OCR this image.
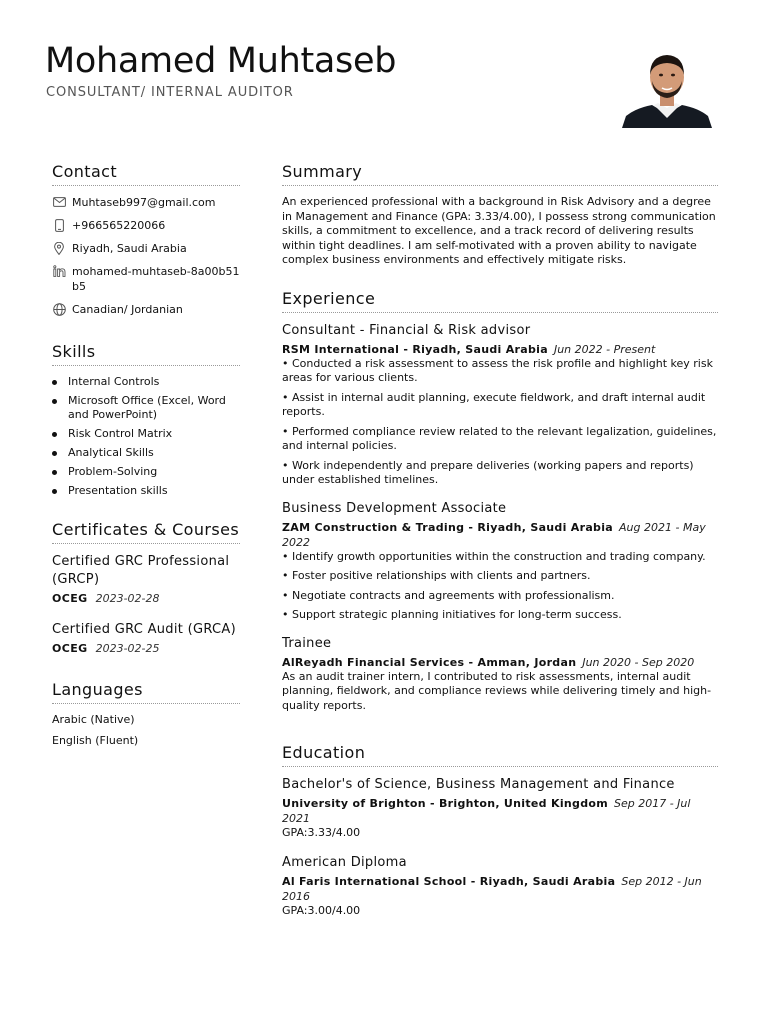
Mohamed Muhtaseb
CONSULTANT/ INTERNAL AUDITOR
Contact
Muhtaseb997@gmail.com
+966565220066
Riyadh, Saudi Arabia
mohamed-muhtaseb-8a00b51b5
Canadian/ Jordanian
Skills
Internal Controls
Microsoft Office (Excel, Word and PowerPoint)
Risk Control Matrix
Analytical Skills
Problem-Solving
Presentation skills
Certificates & Courses
Certified GRC Professional (GRCP)
OCEG 2023-02-28
Certified GRC Audit (GRCA)
OCEG 2023-02-25
Languages
Arabic (Native)
English (Fluent)
Summary

An experienced professional with a background in Risk Advisory and a degree in Management and Finance (GPA: 3.33/4.00), I possess strong communication skills, a commitment to excellence, and a track record of delivering results within tight deadlines. I am self-motivated with a proven ability to navigate complex business environments and effectively mitigate risks.

Experience
Consultant - Financial & Risk advisor
RSM International - Riyadh, Saudi Arabia Jun 2022 - Present
• Conducted a risk assessment to assess the risk profile and highlight key risk areas for various clients.
• Assist in internal audit planning, execute fieldwork, and draft internal audit reports.
• Performed compliance review related to the relevant legalization, guidelines, and internal policies.
• Work independently and prepare deliveries (working papers and reports) under established timelines.
Business Development Associate
ZAM Construction & Trading - Riyadh, Saudi Arabia Aug 2021 - May 2022
• Identify growth opportunities within the construction and trading company.
• Foster positive relationships with clients and partners.
• Negotiate contracts and agreements with professionalism.
• Support strategic planning initiatives for long-term success.
Trainee
AlReyadh Financial Services - Amman, Jordan Jun 2020 - Sep 2020
As an audit trainer intern, I contributed to risk assessments, internal audit planning, fieldwork, and compliance reviews while delivering timely and high-quality reports.
Education
Bachelor's of Science, Business Management and Finance
University of Brighton - Brighton, United Kingdom Sep 2017 - Jul 2021
GPA:3.33/4.00
American Diploma
Al Faris International School - Riyadh, Saudi Arabia Sep 2012 - Jun 2016
GPA:3.00/4.00
